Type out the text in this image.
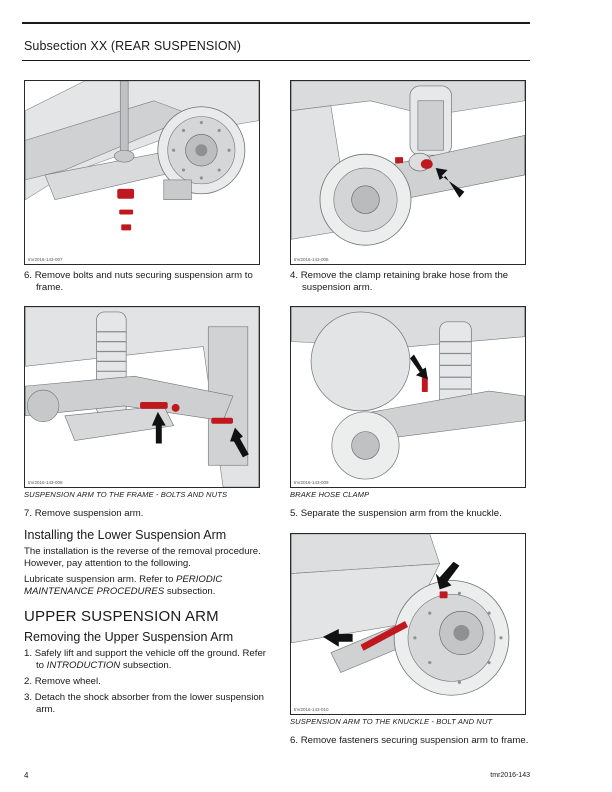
Subsection XX (REAR SUSPENSION)
tmr2016-143-007	tmr2016-143-006
6. Remove bolts and nuts securing suspension arm to frame.
4. Remove the clamp retaining brake hose from the suspension arm.
tmr2016-143-008	tmr2016-143-009
SUSPENSION ARM TO THE FRAME - BOLTS AND NUTS	BRAKE HOSE CLAMP
7. Remove suspension arm.	5. Separate the suspension arm from the knuckle.
Installing the Lower Suspension Arm
The installation is the reverse of the removal procedure. However, pay attention to the following.
Lubricate suspension arm. Refer to PERIODIC MAINTENANCE PROCEDURES subsection.
UPPER SUSPENSION ARM
Removing the Upper Suspension Arm
1. Safely lift and support the vehicle off the ground. Refer to INTRODUCTION subsection.
2. Remove wheel.
3. Detach the shock absorber from the lower suspension arm.	tmr2016-143-010
SUSPENSION ARM TO THE KNUCKLE - BOLT AND NUT
6. Remove fasteners securing suspension arm to frame.
4	tmr2016-143
